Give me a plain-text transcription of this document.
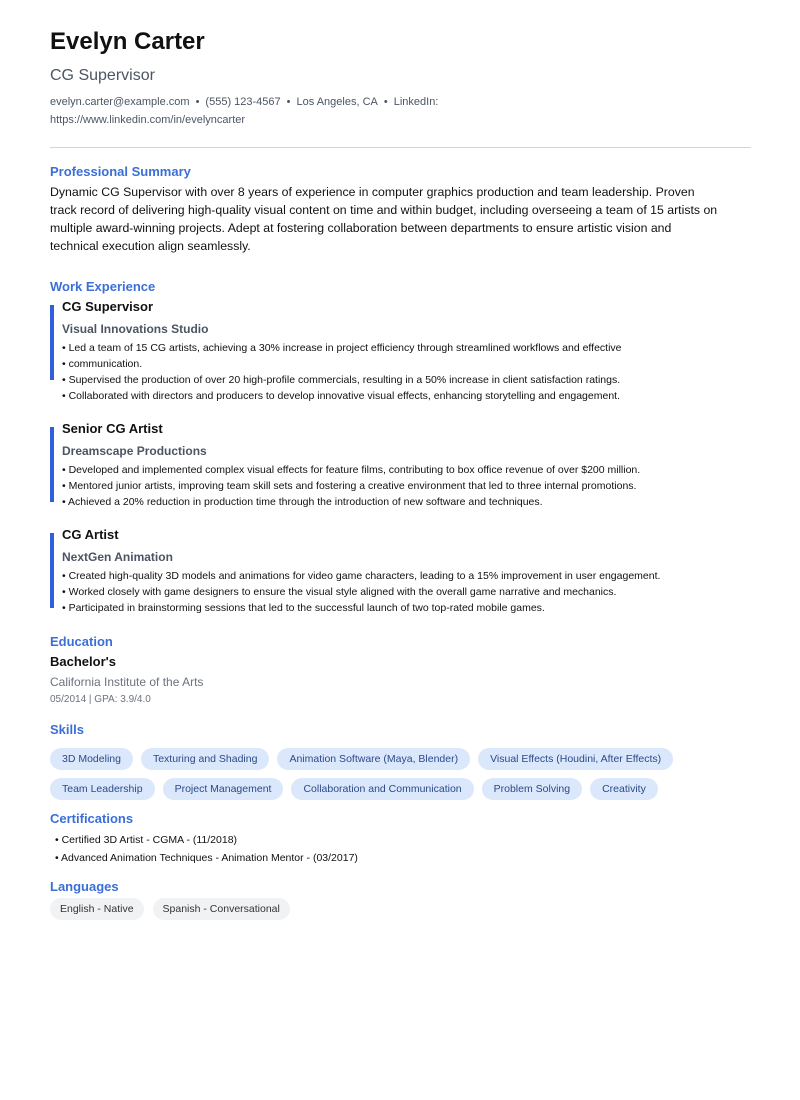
Evelyn Carter
CG Supervisor
evelyn.carter@example.com • (555) 123-4567 • Los Angeles, CA • LinkedIn:
https://www.linkedin.com/in/evelyncarter
Professional Summary
Dynamic CG Supervisor with over 8 years of experience in computer graphics production and team leadership. Proven track record of delivering high-quality visual content on time and within budget, including overseeing a team of 15 artists on multiple award-winning projects. Adept at fostering collaboration between departments to ensure artistic vision and technical execution align seamlessly.
Work Experience
CG Supervisor
Visual Innovations Studio
• Led a team of 15 CG artists, achieving a 30% increase in project efficiency through streamlined workflows and effective
• communication.
• Supervised the production of over 20 high-profile commercials, resulting in a 50% increase in client satisfaction ratings.
• Collaborated with directors and producers to develop innovative visual effects, enhancing storytelling and engagement.
Senior CG Artist
Dreamscape Productions
• Developed and implemented complex visual effects for feature films, contributing to box office revenue of over $200 million.
• Mentored junior artists, improving team skill sets and fostering a creative environment that led to three internal promotions.
• Achieved a 20% reduction in production time through the introduction of new software and techniques.
CG Artist
NextGen Animation
• Created high-quality 3D models and animations for video game characters, leading to a 15% improvement in user engagement.
• Worked closely with game designers to ensure the visual style aligned with the overall game narrative and mechanics.
• Participated in brainstorming sessions that led to the successful launch of two top-rated mobile games.
Education
Bachelor's
California Institute of the Arts
05/2014 | GPA: 3.9/4.0
Skills
3D Modeling	Texturing and Shading	Animation Software (Maya, Blender)	Visual Effects (Houdini, After Effects)
Team Leadership	Project Management	Collaboration and Communication	Problem Solving	Creativity
Certifications
• Certified 3D Artist - CGMA - (11/2018)
• Advanced Animation Techniques - Animation Mentor - (03/2017)
Languages
English - Native	Spanish - Conversational
